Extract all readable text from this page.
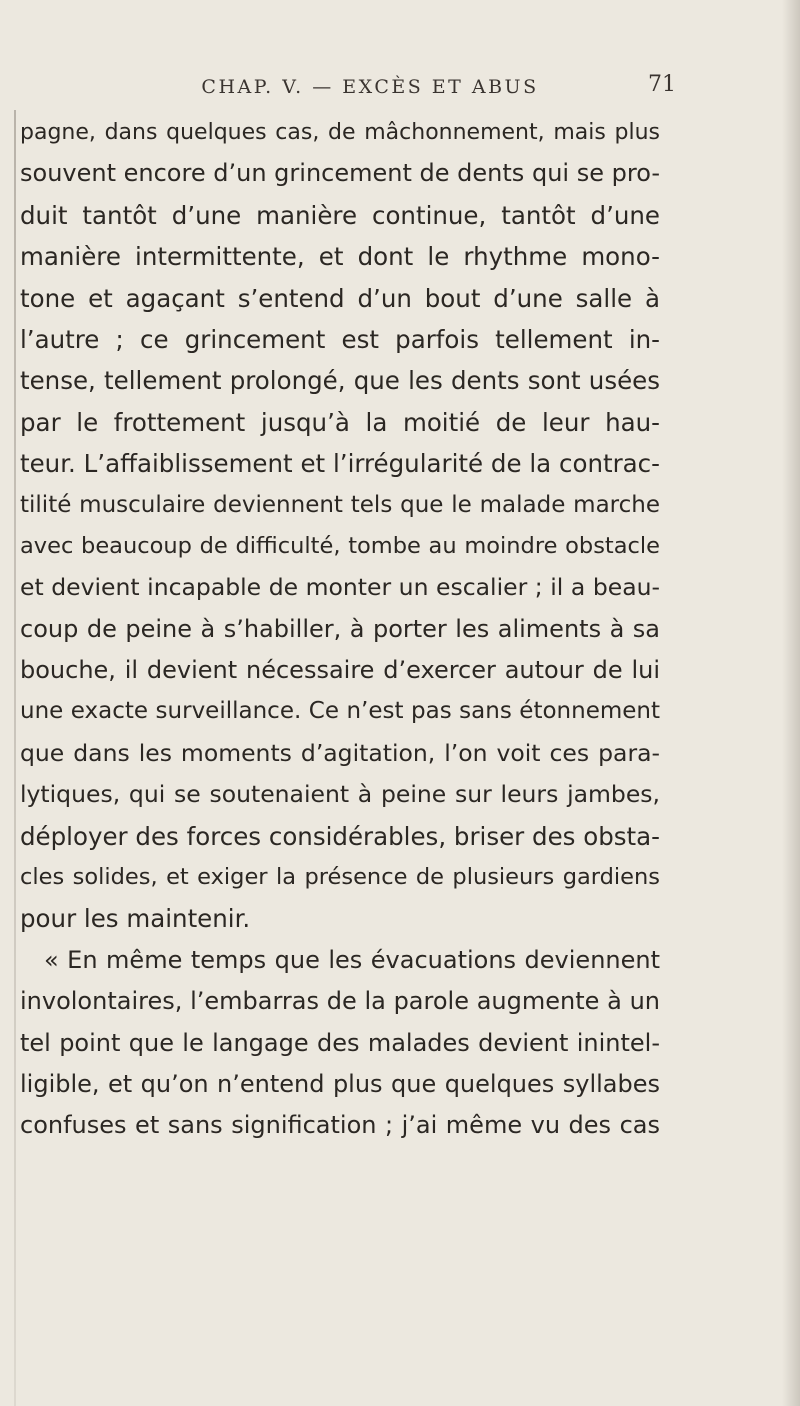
CHAP. V. — EXCÈS ET ABUS	71
pagne, dans quelques cas, de mâchonnement, mais plus
souvent encore d’un grincement de dents qui se pro-
duit tantôt d’une manière continue, tantôt d’une
manière intermittente, et dont le rhythme mono-
tone et agaçant s’entend d’un bout d’une salle à
l’autre ; ce grincement est parfois tellement in-
tense, tellement prolongé, que les dents sont usées
par le frottement jusqu’à la moitié de leur hau-
teur. L’affaiblissement et l’irrégularité de la contrac-
tilité musculaire deviennent tels que le malade marche
avec beaucoup de difficulté, tombe au moindre obstacle
et devient incapable de monter un escalier ; il a beau-
coup de peine à s’habiller, à porter les aliments à sa
bouche, il devient nécessaire d’exercer autour de lui
une exacte surveillance. Ce n’est pas sans étonnement
que dans les moments d’agitation, l’on voit ces para-
lytiques, qui se soutenaient à peine sur leurs jambes,
déployer des forces considérables, briser des obsta-
cles solides, et exiger la présence de plusieurs gardiens
pour les maintenir.
« En même temps que les évacuations deviennent
involontaires, l’embarras de la parole augmente à un
tel point que le langage des malades devient inintel-
ligible, et qu’on n’entend plus que quelques syllabes
confuses et sans signification ; j’ai même vu des cas
